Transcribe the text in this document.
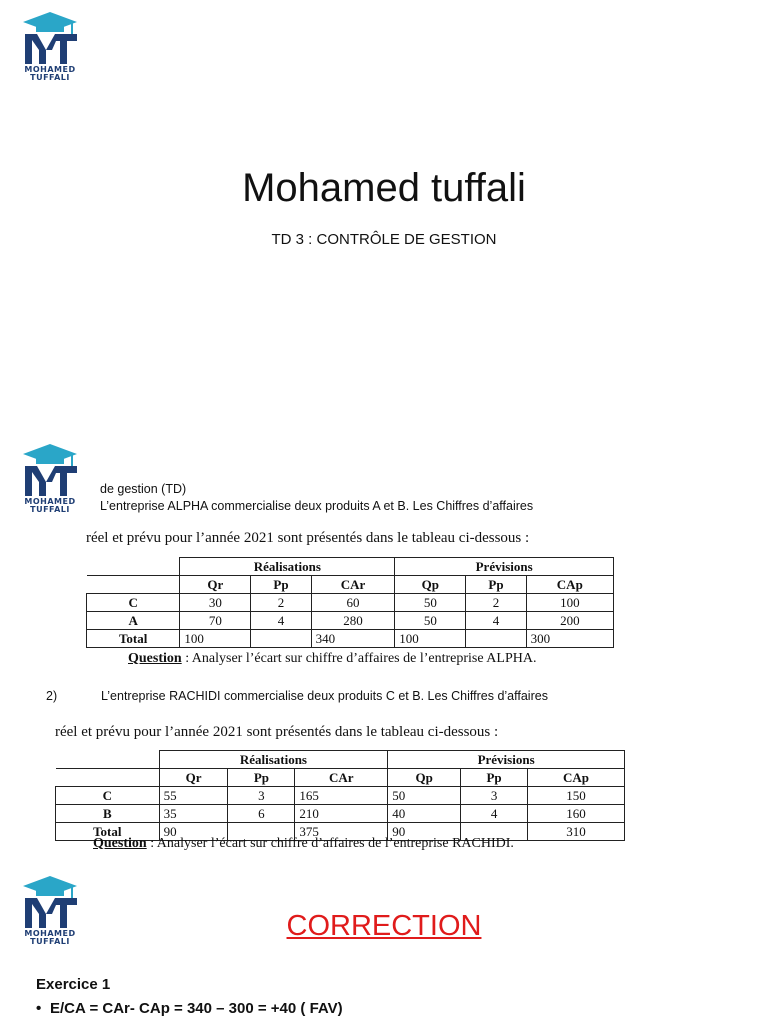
MOHAMED
TUFFALI
Mohamed tuffali
TD 3 : CONTRÔLE DE GESTION
MOHAMED
TUFFALI
de gestion (TD)
L’entreprise ALPHA commercialise deux produits A et B. Les Chiffres d’affaires
réel et prévu pour l’année 2021 sont présentés dans le tableau ci-dessous :
	Réalisations			Prévisions		
	Qr	Pp	CAr	Qp	Pp	CAp
C	30	2	60	50	2	100
A	70	4	280	50	4	200
Total	100		340	100		300
Question : Analyser l’écart sur chiffre d’affaires de l’entreprise ALPHA.
2)	L’entreprise RACHIDI commercialise deux produits C et B. Les Chiffres d’affaires
réel et prévu pour l’année 2021 sont présentés dans le tableau ci-dessous :
	Réalisations			Prévisions		
	Qr	Pp	CAr	Qp	Pp	CAp
C	55	3	165	50	3	150
B	35	6	210	40	4	160
Total	90		375	90		310
Question : Analyser l’écart sur chiffre d’affaires de l’entreprise RACHIDI.
MOHAMED
TUFFALI	CORRECTION
Exercice 1
• E/CA = CAr- CAp = 340 – 300 = +40 ( FAV)
